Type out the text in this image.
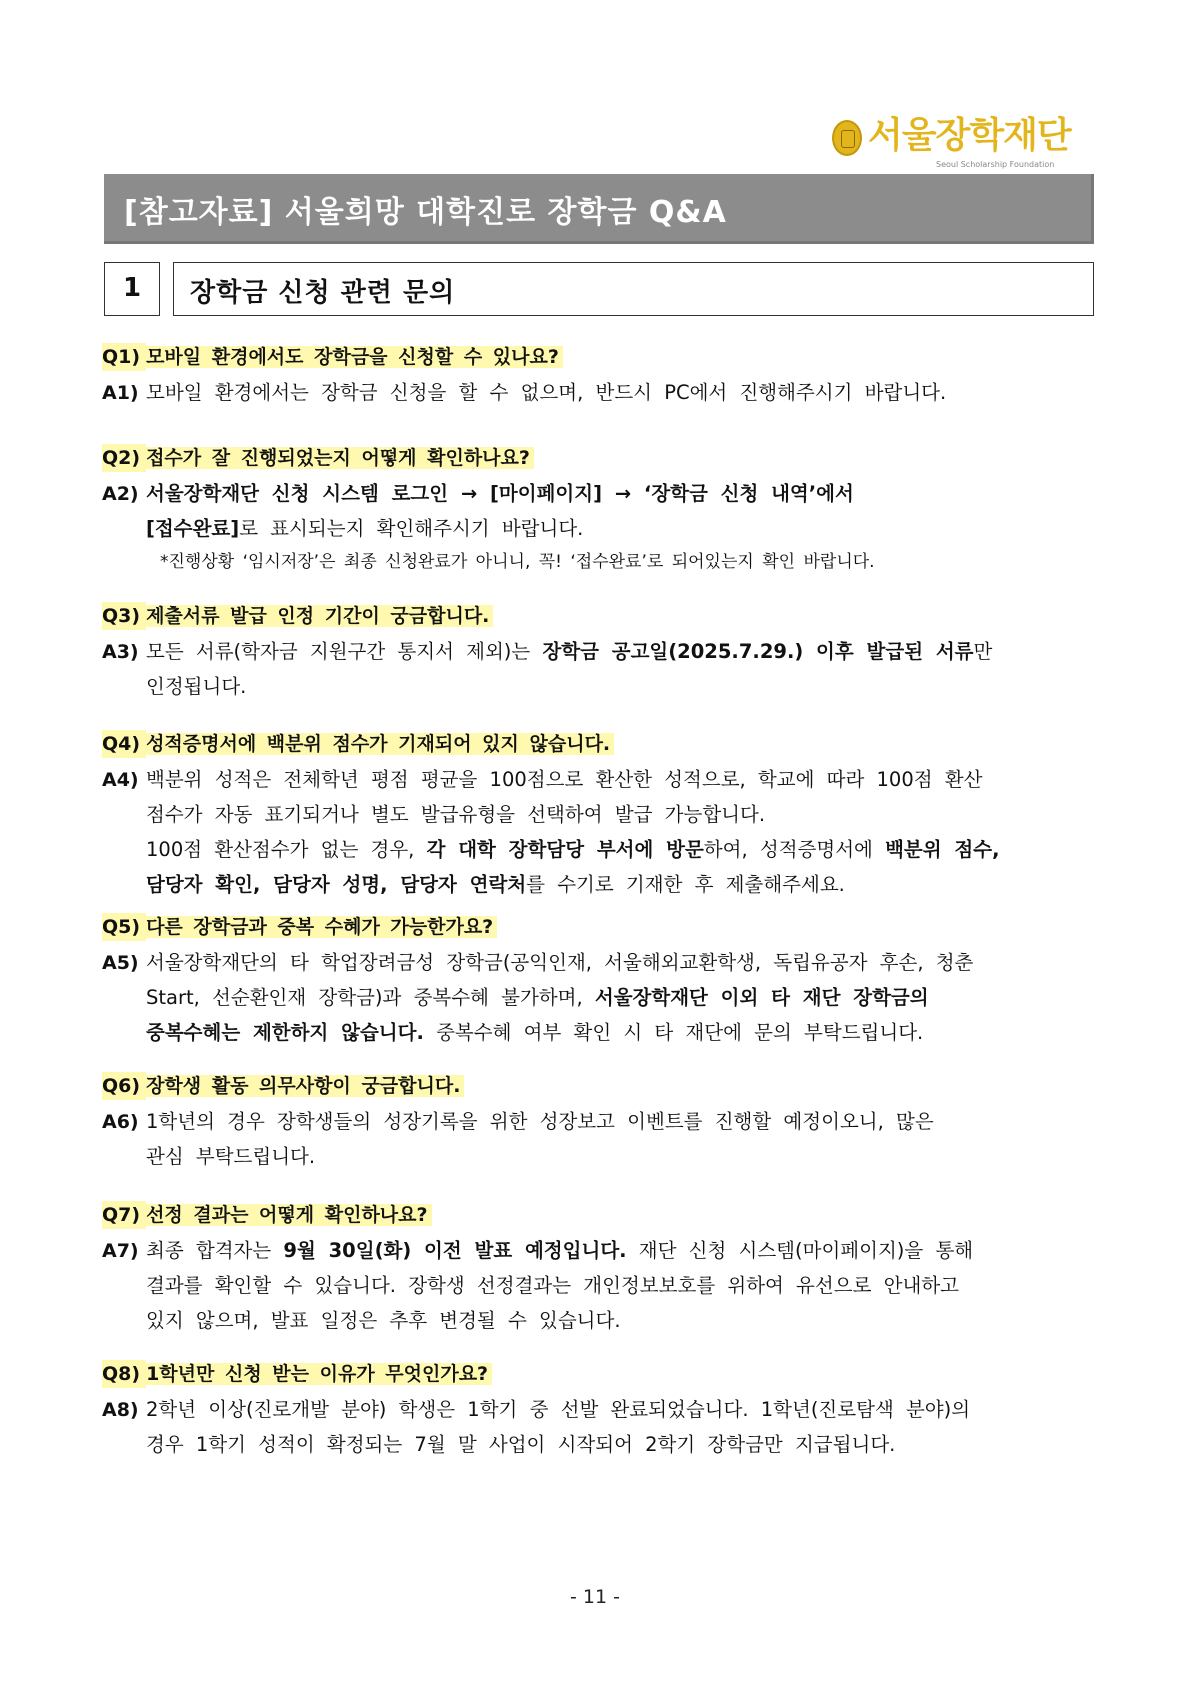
서울장학재단
Seoul Scholarship Foundation
[참고자료] 서울희망 대학진로 장학금 Q&A
1	장학금 신청 관련 문의
Q1) 모바일 환경에서도 장학금을 신청할 수 있나요?
A1) 모바일 환경에서는 장학금 신청을 할 수 없으며, 반드시 PC에서 진행해주시기 바랍니다.
Q2) 접수가 잘 진행되었는지 어떻게 확인하나요?
A2) 서울장학재단 신청 시스템 로그인 → [마이페이지] → ‘장학금 신청 내역’에서
[접수완료]로 표시되는지 확인해주시기 바랍니다.
*진행상황 ‘임시저장’은 최종 신청완료가 아니니, 꼭! ‘접수완료’로 되어있는지 확인 바랍니다.
Q3) 제출서류 발급 인정 기간이 궁금합니다.
A3) 모든 서류(학자금 지원구간 통지서 제외)는 장학금 공고일(2025.7.29.) 이후 발급된 서류만
인정됩니다.
Q4) 성적증명서에 백분위 점수가 기재되어 있지 않습니다.
A4) 백분위 성적은 전체학년 평점 평균을 100점으로 환산한 성적으로, 학교에 따라 100점 환산
점수가 자동 표기되거나 별도 발급유형을 선택하여 발급 가능합니다.
100점 환산점수가 없는 경우, 각 대학 장학담당 부서에 방문하여, 성적증명서에 백분위 점수,
담당자 확인, 담당자 성명, 담당자 연락처를 수기로 기재한 후 제출해주세요.
Q5) 다른 장학금과 중복 수혜가 가능한가요?
A5) 서울장학재단의 타 학업장려금성 장학금(공익인재, 서울해외교환학생, 독립유공자 후손, 청춘
Start, 선순환인재 장학금)과 중복수혜 불가하며, 서울장학재단 이외 타 재단 장학금의
중복수혜는 제한하지 않습니다. 중복수혜 여부 확인 시 타 재단에 문의 부탁드립니다.
Q6) 장학생 활동 의무사항이 궁금합니다.
A6) 1학년의 경우 장학생들의 성장기록을 위한 성장보고 이벤트를 진행할 예정이오니, 많은
관심 부탁드립니다.
Q7) 선정 결과는 어떻게 확인하나요?
A7) 최종 합격자는 9월 30일(화) 이전 발표 예정입니다. 재단 신청 시스템(마이페이지)을 통해
결과를 확인할 수 있습니다. 장학생 선정결과는 개인정보보호를 위하여 유선으로 안내하고
있지 않으며, 발표 일정은 추후 변경될 수 있습니다.
Q8) 1학년만 신청 받는 이유가 무엇인가요?
A8) 2학년 이상(진로개발 분야) 학생은 1학기 중 선발 완료되었습니다. 1학년(진로탐색 분야)의
경우 1학기 성적이 확정되는 7월 말 사업이 시작되어 2학기 장학금만 지급됩니다.
- 11 -
